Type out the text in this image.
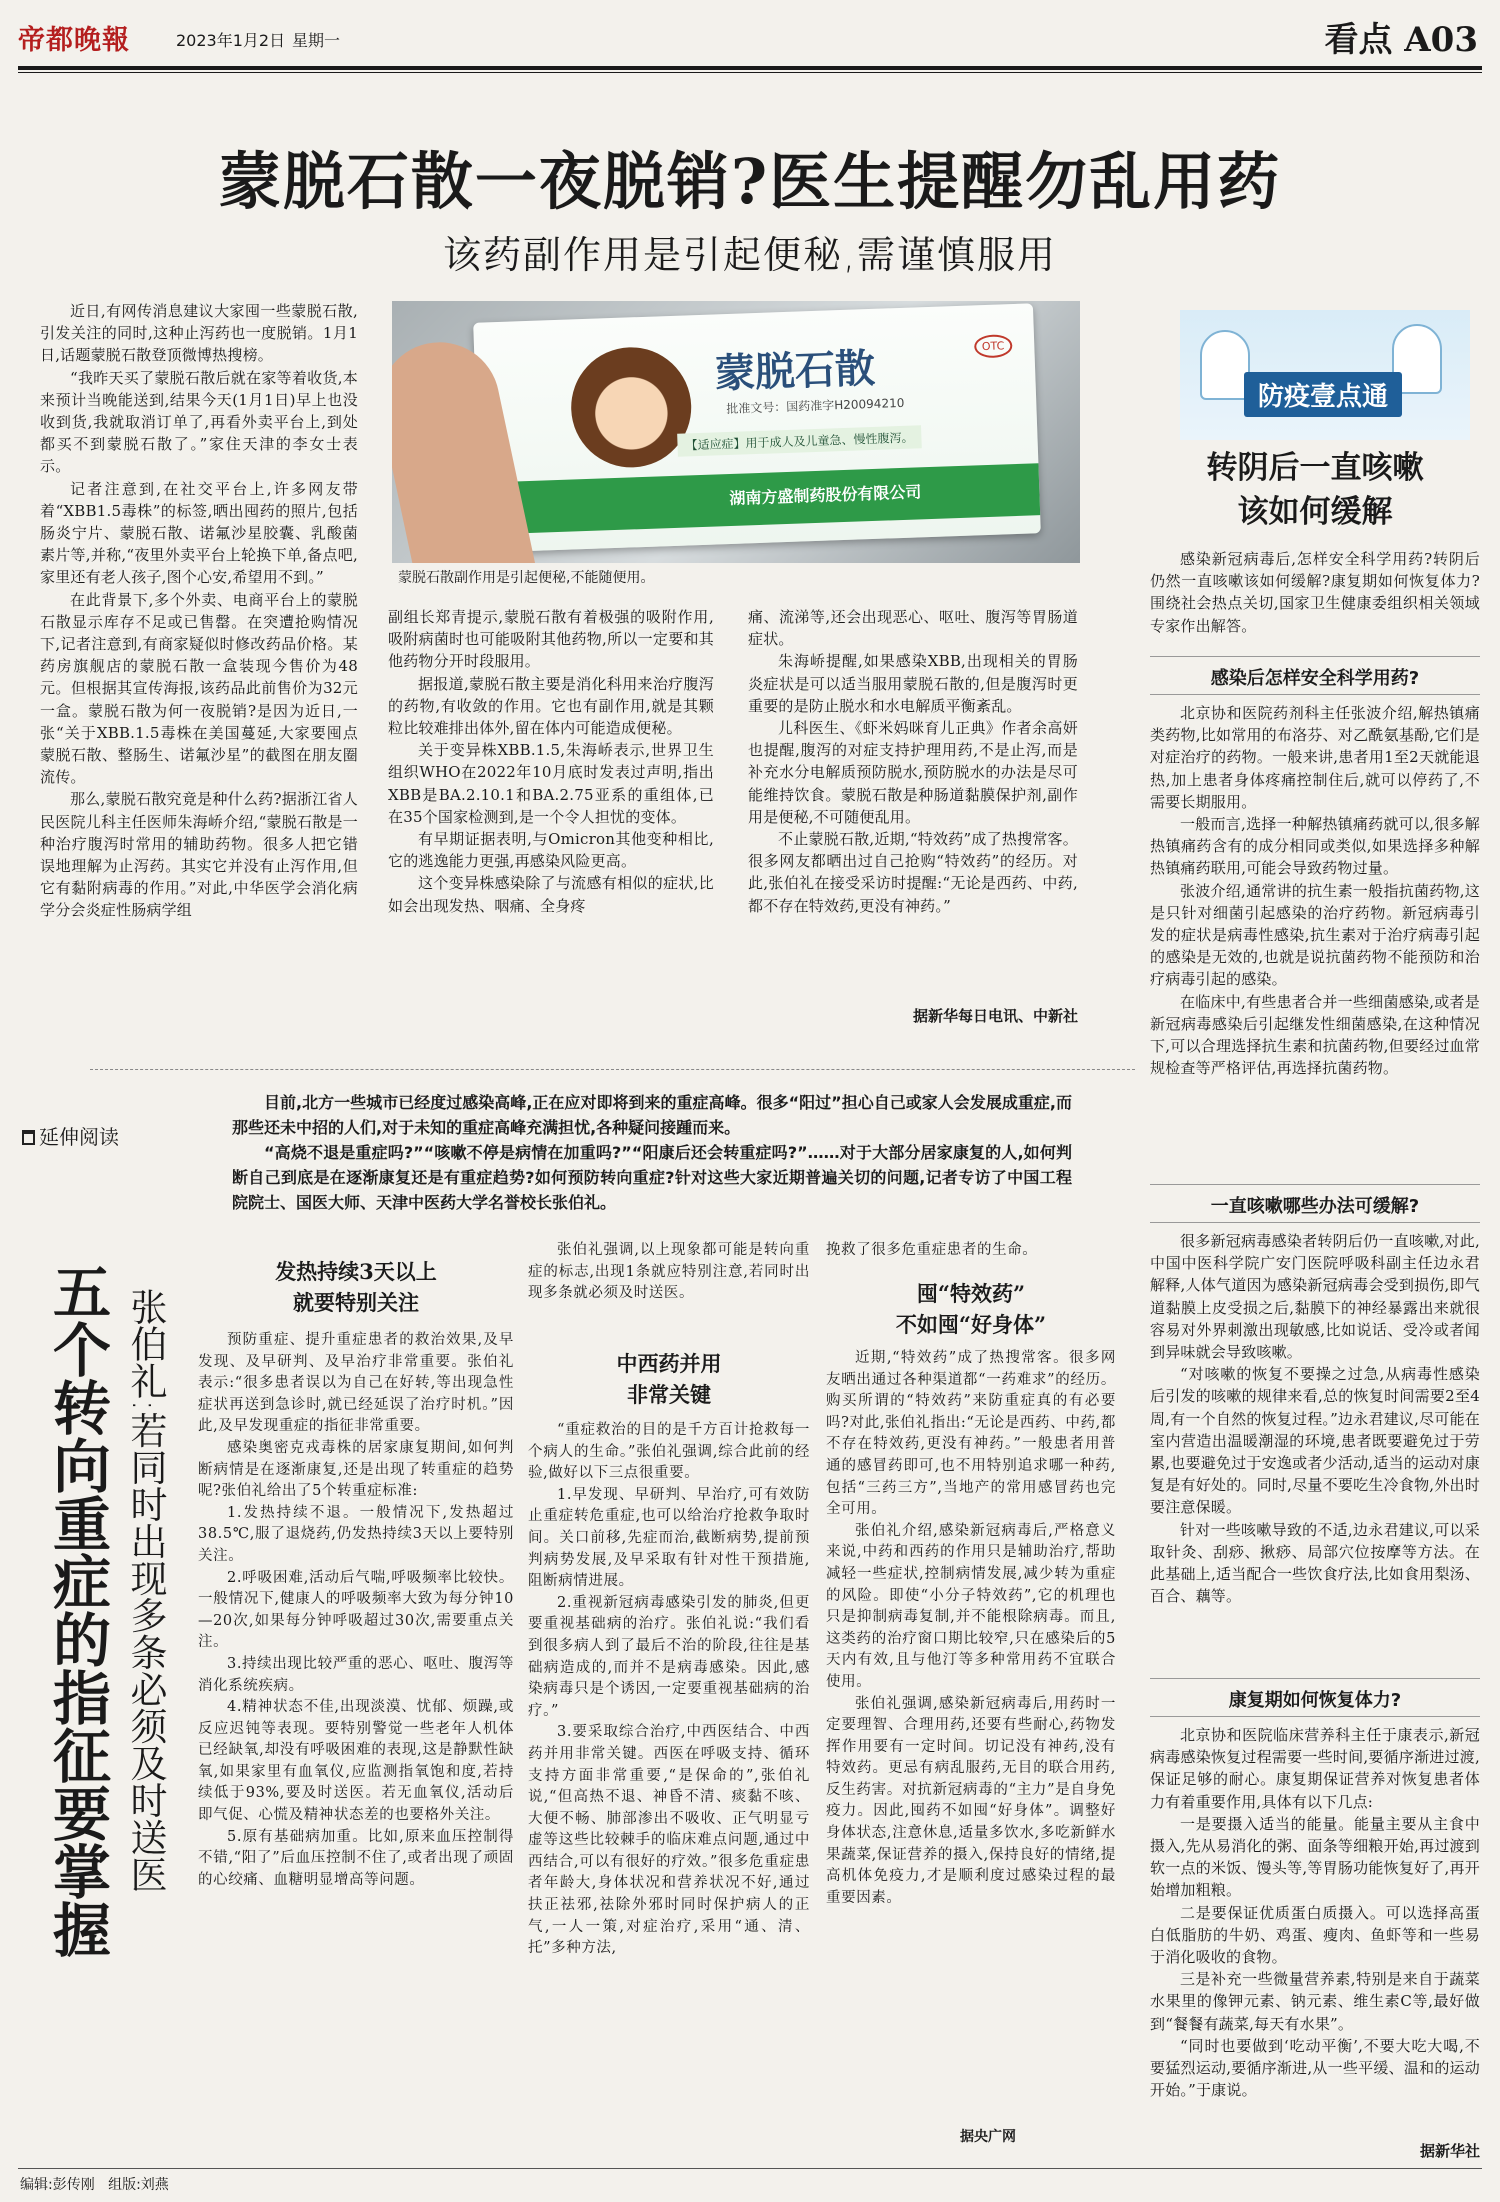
帝都晚報	2023年1月2日 星期一	看点 A03
蒙脱石散一夜脱销?医生提醒勿乱用药
该药副作用是引起便秘,需谨慎服用
蒙脱石散	OTC
批准文号：国药准字H20094210
【适应症】用于成人及儿童急、慢性腹泻。
湖南方盛制药股份有限公司
蒙脱石散副作用是引起便秘,不能随便用。

近日,有网传消息建议大家囤一些蒙脱石散,引发关注的同时,这种止泻药也一度脱销。1月1日,话题蒙脱石散登顶微博热搜榜。

“我昨天买了蒙脱石散后就在家等着收货,本来预计当晚能送到,结果今天(1月1日)早上也没收到货,我就取消订单了,再看外卖平台上,到处都买不到蒙脱石散了。”家住天津的李女士表示。

记者注意到,在社交平台上,许多网友带着“XBB1.5毒株”的标签,晒出囤药的照片,包括肠炎宁片、蒙脱石散、诺氟沙星胶囊、乳酸菌素片等,并称,“夜里外卖平台上轮换下单,备点吧,家里还有老人孩子,图个心安,希望用不到。”

在此背景下,多个外卖、电商平台上的蒙脱石散显示库存不足或已售罄。在突遭抢购情况下,记者注意到,有商家疑似时修改药品价格。某药房旗舰店的蒙脱石散一盒装现今售价为48元。但根据其宣传海报,该药品此前售价为32元一盒。蒙脱石散为何一夜脱销?是因为近日,一张“关于XBB.1.5毒株在美国蔓延,大家要囤点蒙脱石散、整肠生、诺氟沙星”的截图在朋友圈流传。

那么,蒙脱石散究竟是种什么药?据浙江省人民医院儿科主任医师朱海峤介绍,“蒙脱石散是一种治疗腹泻时常用的辅助药物。很多人把它错误地理解为止泻药。其实它并没有止泻作用,但它有黏附病毒的作用。”对此,中华医学会消化病学分会炎症性肠病学组

副组长郑青提示,蒙脱石散有着极强的吸附作用,吸附病菌时也可能吸附其他药物,所以一定要和其他药物分开时段服用。

据报道,蒙脱石散主要是消化科用来治疗腹泻的药物,有收敛的作用。它也有副作用,就是其颗粒比较难排出体外,留在体内可能造成便秘。

关于变异株XBB.1.5,朱海峤表示,世界卫生组织WHO在2022年10月底时发表过声明,指出XBB是BA.2.10.1和BA.2.75亚系的重组体,已在35个国家检测到,是一个令人担忧的变体。

有早期证据表明,与Omicron其他变种相比,它的逃逸能力更强,再感染风险更高。

这个变异株感染除了与流感有相似的症状,比如会出现发热、咽痛、全身疼

痛、流涕等,还会出现恶心、呕吐、腹泻等胃肠道症状。

朱海峤提醒,如果感染XBB,出现相关的胃肠炎症状是可以适当服用蒙脱石散的,但是腹泻时更重要的是防止脱水和水电解质平衡紊乱。

儿科医生、《虾米妈咪育儿正典》作者余高妍也提醒,腹泻的对症支持护理用药,不是止泻,而是补充水分电解质预防脱水,预防脱水的办法是尽可能维持饮食。蒙脱石散是种肠道黏膜保护剂,副作用是便秘,不可随便乱用。

不止蒙脱石散,近期,“特效药”成了热搜常客。很多网友都晒出过自己抢购“特效药”的经历。对此,张伯礼在接受采访时提醒:“无论是西药、中药,都不存在特效药,更没有神药。”

据新华每日电讯、中新社
防疫壹点通
转阴后一直咳嗽
该如何缓解

感染新冠病毒后,怎样安全科学用药?转阴后仍然一直咳嗽该如何缓解?康复期如何恢复体力?围绕社会热点关切,国家卫生健康委组织相关领域专家作出解答。

感染后怎样安全科学用药?

北京协和医院药剂科主任张波介绍,解热镇痛类药物,比如常用的布洛芬、对乙酰氨基酚,它们是对症治疗的药物。一般来讲,患者用1至2天就能退热,加上患者身体疼痛控制住后,就可以停药了,不需要长期服用。

一般而言,选择一种解热镇痛药就可以,很多解热镇痛药含有的成分相同或类似,如果选择多种解热镇痛药联用,可能会导致药物过量。

张波介绍,通常讲的抗生素一般指抗菌药物,这是只针对细菌引起感染的治疗药物。新冠病毒引发的症状是病毒性感染,抗生素对于治疗病毒引起的感染是无效的,也就是说抗菌药物不能预防和治疗病毒引起的感染。

在临床中,有些患者合并一些细菌感染,或者是新冠病毒感染后引起继发性细菌感染,在这种情况下,可以合理选择抗生素和抗菌药物,但要经过血常规检查等严格评估,再选择抗菌药物。

一直咳嗽哪些办法可缓解?

很多新冠病毒感染者转阴后仍一直咳嗽,对此,中国中医科学院广安门医院呼吸科副主任边永君解释,人体气道因为感染新冠病毒会受到损伤,即气道黏膜上皮受损之后,黏膜下的神经暴露出来就很容易对外界刺激出现敏感,比如说话、受冷或者闻到异味就会导致咳嗽。

“对咳嗽的恢复不要操之过急,从病毒性感染后引发的咳嗽的规律来看,总的恢复时间需要2至4周,有一个自然的恢复过程。”边永君建议,尽可能在室内营造出温暖潮湿的环境,患者既要避免过于劳累,也要避免过于安逸或者少活动,适当的运动对康复是有好处的。同时,尽量不要吃生冷食物,外出时要注意保暖。

针对一些咳嗽导致的不适,边永君建议,可以采取针灸、刮痧、揪痧、局部穴位按摩等方法。在此基础上,适当配合一些饮食疗法,比如食用梨汤、百合、藕等。

康复期如何恢复体力?

北京协和医院临床营养科主任于康表示,新冠病毒感染恢复过程需要一些时间,要循序渐进过渡,保证足够的耐心。康复期保证营养对恢复患者体力有着重要作用,具体有以下几点:

一是要摄入适当的能量。能量主要从主食中摄入,先从易消化的粥、面条等细粮开始,再过渡到软一点的米饭、馒头等,等胃肠功能恢复好了,再开始增加粗粮。

二是要保证优质蛋白质摄入。可以选择高蛋白低脂肪的牛奶、鸡蛋、瘦肉、鱼虾等和一些易于消化吸收的食物。

三是补充一些微量营养素,特别是来自于蔬菜水果里的像钾元素、钠元素、维生素C等,最好做到“餐餐有蔬菜,每天有水果”。

“同时也要做到‘吃动平衡’,不要大吃大喝,不要猛烈运动,要循序渐进,从一些平缓、温和的运动开始。”于康说。

据新华社
延伸阅读

目前,北方一些城市已经度过感染高峰,正在应对即将到来的重症高峰。很多“阳过”担心自己或家人会发展成重症,而那些还未中招的人们,对于未知的重症高峰充满担忧,各种疑问接踵而来。

“高烧不退是重症吗?”“咳嗽不停是病情在加重吗?”“阳康后还会转重症吗?”……对于大部分居家康复的人,如何判断自己到底是在逐渐康复还是有重症趋势?如何预防转向重症?针对这些大家近期普遍关切的问题,记者专访了中国工程院院士、国医大师、天津中医药大学名誉校长张伯礼。

五个转向重症的指征要掌握 张伯礼:若同时出现多条必须及时送医
发热持续3天以上
就要特别关注

预防重症、提升重症患者的救治效果,及早发现、及早研判、及早治疗非常重要。张伯礼表示:“很多患者误以为自己在好转,等出现急性症状再送到急诊时,就已经延误了治疗时机。”因此,及早发现重症的指征非常重要。

感染奥密克戎毒株的居家康复期间,如何判断病情是在逐渐康复,还是出现了转重症的趋势呢?张伯礼给出了5个转重症标准:

1.发热持续不退。一般情况下,发热超过38.5℃,服了退烧药,仍发热持续3天以上要特别关注。

2.呼吸困难,活动后气喘,呼吸频率比较快。一般情况下,健康人的呼吸频率大致为每分钟10—20次,如果每分钟呼吸超过30次,需要重点关注。

3.持续出现比较严重的恶心、呕吐、腹泻等消化系统疾病。

4.精神状态不佳,出现淡漠、忧郁、烦躁,或反应迟钝等表现。要特别警觉一些老年人机体已经缺氧,却没有呼吸困难的表现,这是静默性缺氧,如果家里有血氧仪,应监测指氧饱和度,若持续低于93%,要及时送医。若无血氧仪,活动后即气促、心慌及精神状态差的也要格外关注。

5.原有基础病加重。比如,原来血压控制得不错,“阳了”后血压控制不住了,或者出现了顽固的心绞痛、血糖明显增高等问题。

张伯礼强调,以上现象都可能是转向重症的标志,出现1条就应特别注意,若同时出现多条就必须及时送医。

中西药并用
非常关键

“重症救治的目的是千方百计抢救每一个病人的生命。”张伯礼强调,综合此前的经验,做好以下三点很重要。

1.早发现、早研判、早治疗,可有效防止重症转危重症,也可以给治疗抢救争取时间。关口前移,先症而治,截断病势,提前预判病势发展,及早采取有针对性干预措施,阻断病情进展。

2.重视新冠病毒感染引发的肺炎,但更要重视基础病的治疗。张伯礼说:“我们看到很多病人到了最后不治的阶段,往往是基础病造成的,而并不是病毒感染。因此,感染病毒只是个诱因,一定要重视基础病的治疗。”

3.要采取综合治疗,中西医结合、中西药并用非常关键。西医在呼吸支持、循环支持方面非常重要,“是保命的”,张伯礼说,“但高热不退、神昏不清、痰黏不咳、大便不畅、肺部渗出不吸收、正气明显亏虚等这些比较棘手的临床难点问题,通过中西结合,可以有很好的疗效。”很多危重症患者年龄大,身体状况和营养状况不好,通过扶正祛邪,祛除外邪时同时保护病人的正气,一人一策,对症治疗,采用“通、清、托”多种方法,

挽救了很多危重症患者的生命。

囤“特效药”
不如囤“好身体”

近期,“特效药”成了热搜常客。很多网友晒出通过各种渠道都“一药难求”的经历。购买所谓的“特效药”来防重症真的有必要吗?对此,张伯礼指出:“无论是西药、中药,都不存在特效药,更没有神药。”一般患者用普通的感冒药即可,也不用特别追求哪一种药,包括“三药三方”,当地产的常用感冒药也完全可用。

张伯礼介绍,感染新冠病毒后,严格意义来说,中药和西药的作用只是辅助治疗,帮助减轻一些症状,控制病情发展,减少转为重症的风险。即使“小分子特效药”,它的机理也只是抑制病毒复制,并不能根除病毒。而且,这类药的治疗窗口期比较窄,只在感染后的5天内有效,且与他汀等多种常用药不宜联合使用。

张伯礼强调,感染新冠病毒后,用药时一定要理智、合理用药,还要有些耐心,药物发挥作用要有一定时间。切记没有神药,没有特效药。更忌有病乱服药,无目的联合用药,反生药害。对抗新冠病毒的“主力”是自身免疫力。因此,囤药不如囤“好身体”。调整好身体状态,注意休息,适量多饮水,多吃新鲜水果蔬菜,保证营养的摄入,保持良好的情绪,提高机体免疫力,才是顺利度过感染过程的最重要因素。

据央广网
编辑:彭传刚 组版:刘燕
